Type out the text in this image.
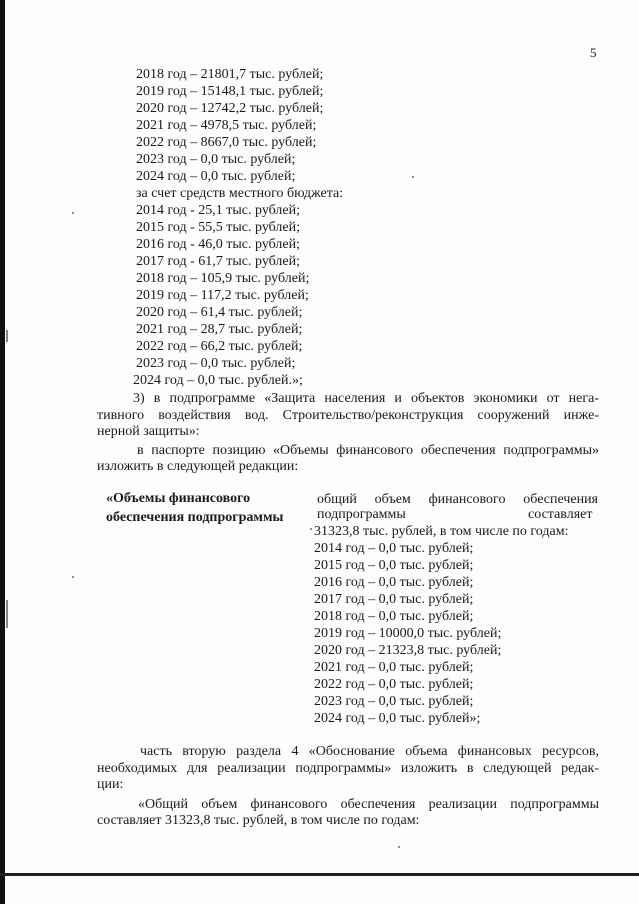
5
2018 год – 21801,7 тыс. рублей;
2019 год – 15148,1 тыс. рублей;
2020 год – 12742,2 тыс. рублей;
2021 год – 4978,5 тыс. рублей;
2022 год – 8667,0 тыс. рублей;
2023 год – 0,0 тыс. рублей;
2024 год – 0,0 тыс. рублей;
за счет средств местного бюджета:
2014 год - 25,1 тыс. рублей;
2015 год - 55,5 тыс. рублей;
2016 год - 46,0 тыс. рублей;
2017 год - 61,7 тыс. рублей;
2018 год – 105,9 тыс. рублей;
2019 год – 117,2 тыс. рублей;
2020 год – 61,4 тыс. рублей;
2021 год – 28,7 тыс. рублей;
2022 год – 66,2 тыс. рублей;
2023 год – 0,0 тыс. рублей;
2024 год – 0,0 тыс. рублей.»;
3) в подпрограмме «Защита населения и объектов экономики от нега-
тивного воздействия вод. Строительство/реконструкция сооружений инже-
нерной защиты»:
в паспорте позицию «Объемы финансового обеспечения подпрограммы»
изложить в следующей редакции:
«Объемы финансового
обеспечения подпрограммы
общий объем финансового обеспечения
подпрограммы	составляет
31323,8 тыс. рублей, в том числе по годам:
2014 год – 0,0 тыс. рублей;
2015 год – 0,0 тыс. рублей;
2016 год – 0,0 тыс. рублей;
2017 год – 0,0 тыс. рублей;
2018 год – 0,0 тыс. рублей;
2019 год – 10000,0 тыс. рублей;
2020 год – 21323,8 тыс. рублей;
2021 год – 0,0 тыс. рублей;
2022 год – 0,0 тыс. рублей;
2023 год – 0,0 тыс. рублей;
2024 год – 0,0 тыс. рублей»;
часть вторую раздела 4 «Обоснование объема финансовых ресурсов,
необходимых для реализации подпрограммы» изложить в следующей редак-
ции:
«Общий объем финансового обеспечения реализации подпрограммы
составляет 31323,8 тыс. рублей, в том числе по годам:
